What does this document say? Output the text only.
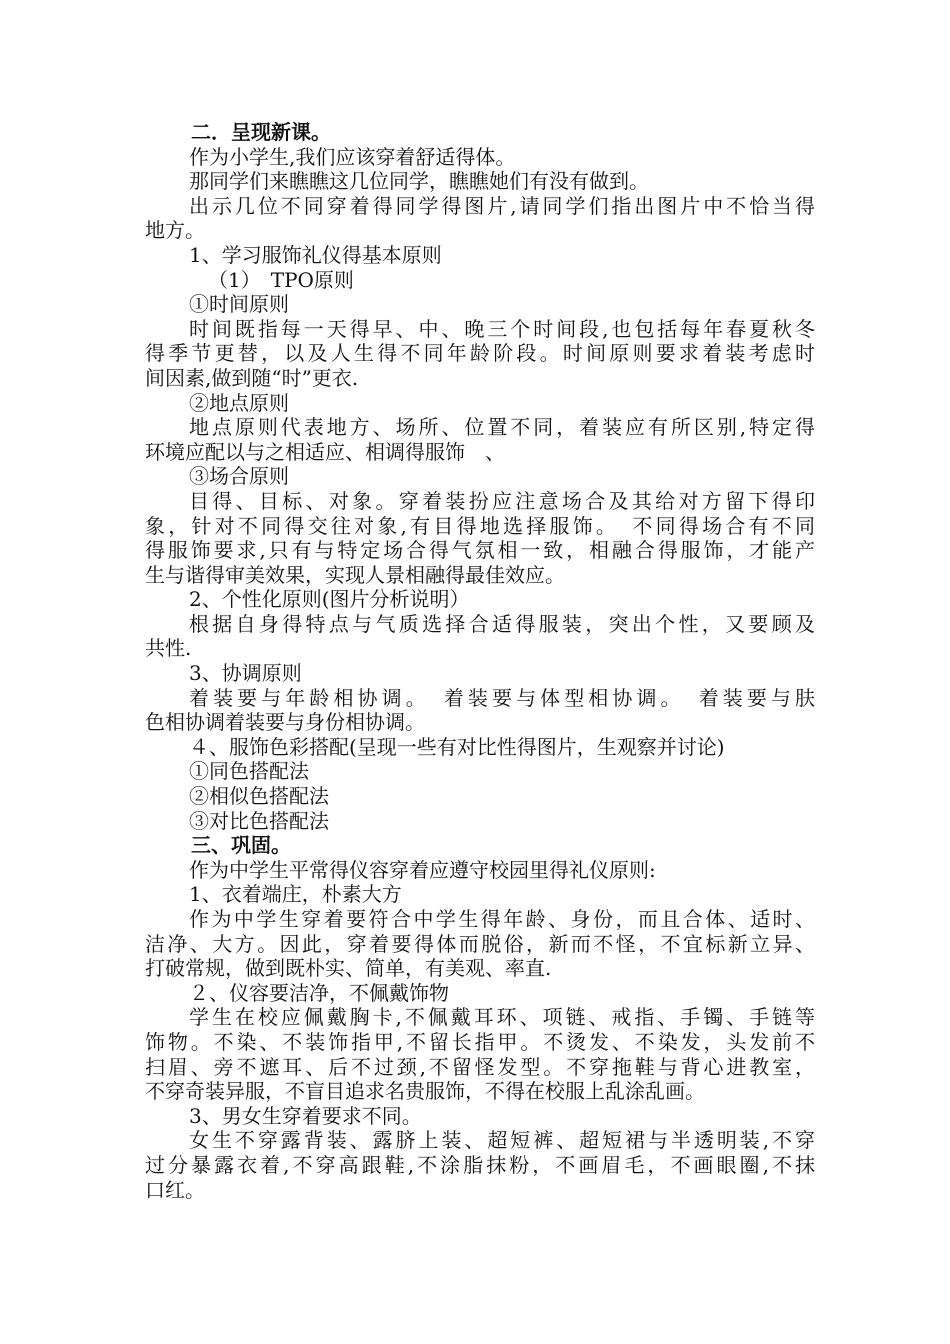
二．呈现新课。
作为小学生,我们应该穿着舒适得体。
那同学们来瞧瞧这几位同学，瞧瞧她们有没有做到。
出示几位不同穿着得同学得图片,请同学们指出图片中不恰当得
地方。
1、学习服饰礼仪得基本原则
（1）　TPO原则
①时间原则
时间既指每一天得早、中、晚三个时间段,也包括每年春夏秋冬
得季节更替，以及人生得不同年龄阶段。时间原则要求着装考虑时
间因素,做到随“时”更衣.
②地点原则
地点原则代表地方、场所、位置不同，着装应有所区别,特定得
环境应配以与之相适应、相调得服饰　、
③场合原则
目得、目标、对象。穿着装扮应注意场合及其给对方留下得印
象，针对不同得交往对象,有目得地选择服饰。　不同得场合有不同
得服饰要求,只有与特定场合得气氛相一致，相融合得服饰，才能产
生与谐得审美效果，实现人景相融得最佳效应。
2、个性化原则(图片分析说明）
根据自身得特点与气质选择合适得服装，突出个性，又要顾及
共性.
3、协调原则
着装要与年龄相协调。　着装要与体型相协调。　着装要与肤
色相协调着装要与身份相协调。
４、服饰色彩搭配(呈现一些有对比性得图片，生观察并讨论)
①同色搭配法
②相似色搭配法
③对比色搭配法
三、巩固。
作为中学生平常得仪容穿着应遵守校园里得礼仪原则:
1、衣着端庄，朴素大方
作为中学生穿着要符合中学生得年龄、身份，而且合体、适时、
洁净、大方。因此，穿着要得体而脱俗，新而不怪，不宜标新立异、
打破常规，做到既朴实、简单，有美观、率直.
２、仪容要洁净，不佩戴饰物
学生在校应佩戴胸卡,不佩戴耳环、项链、戒指、手镯、手链等
饰物。不染、不装饰指甲,不留长指甲。不烫发、不染发，头发前不
扫眉、旁不遮耳、后不过颈,不留怪发型。不穿拖鞋与背心进教室，
不穿奇装异服，不盲目追求名贵服饰，不得在校服上乱涂乱画。
3、男女生穿着要求不同。
女生不穿露背装、露脐上装、超短裤、超短裙与半透明装,不穿
过分暴露衣着,不穿高跟鞋,不涂脂抹粉，不画眉毛，不画眼圈,不抹
口红。
